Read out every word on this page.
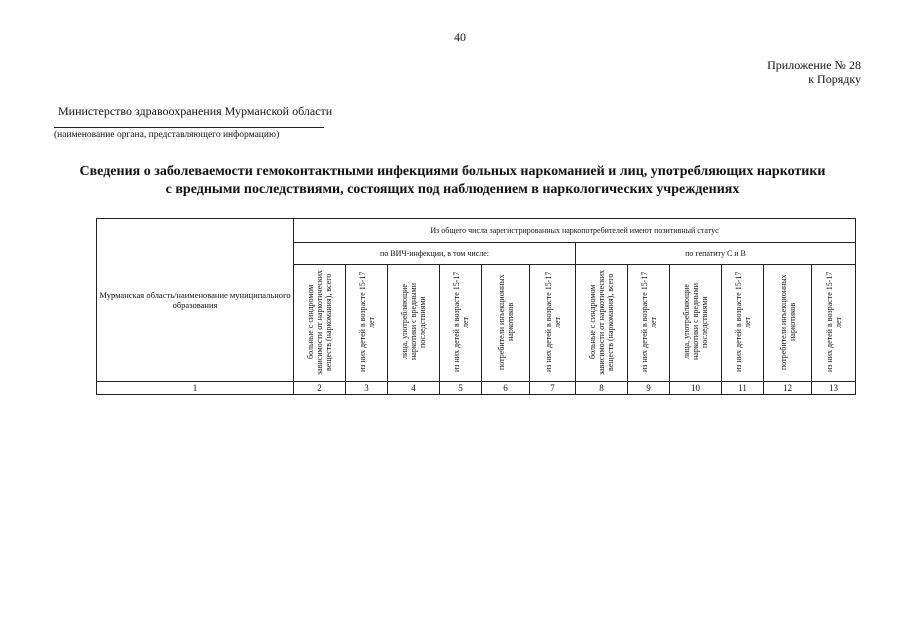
40
Приложение № 28
к Порядку
Министерство здравоохранения Мурманской области
(наименование органа, представляющего информацию)
Сведения о заболеваемости гемоконтактными инфекциями больных наркоманией и лиц, употребляющих наркотики
с вредными последствиями, состоящих под наблюдением в наркологических учреждениях
Мурманская область/наименование муниципального образования	Из общего числа зарегистрированных наркопотребителей имеют позитивный статус											
	по ВИЧ-инфекции, в том числе:						по гепатиту С и В					
	больные с синдромом зависимости от наркотических веществ (наркомания), всего	из них детей в возрасте 15-17 лет	лица, употребляющие наркотики с вредными последствиями	из них детей в возрасте 15-17 лет	потребители инъекционных наркотиков	из них детей в возрасте 15-17 лет	больные с синдромом зависимости от наркотических веществ (наркомания), всего	из них детей в возрасте 15-17 лет	лица, употребляющие наркотики с вредными последствиями	из них детей в возрасте 15-17 лет	потребители инъекционных наркотиков	из них детей в возрасте 15-17 лет
1	2	3	4	5	6	7	8	9	10	11	12	13
